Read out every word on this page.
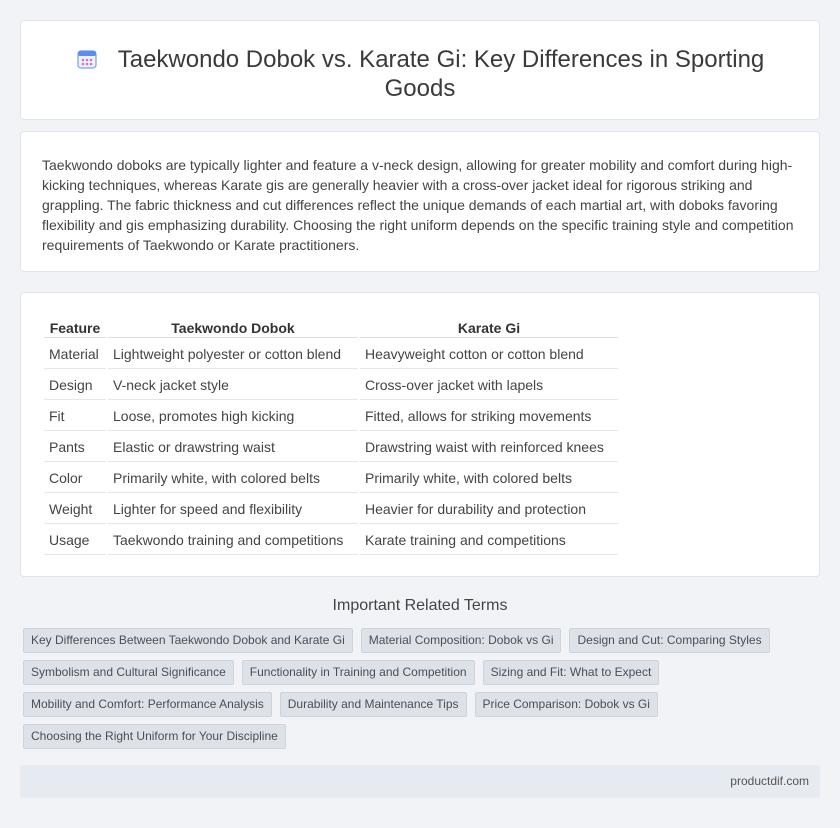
Taekwondo Dobok vs. Karate Gi: Key Differences in Sporting Goods

Taekwondo doboks are typically lighter and feature a v-neck design, allowing for greater mobility and comfort during high-kicking techniques, whereas Karate gis are generally heavier with a cross-over jacket ideal for rigorous striking and grappling. The fabric thickness and cut differences reflect the unique demands of each martial art, with doboks favoring flexibility and gis emphasizing durability. Choosing the right uniform depends on the specific training style and competition requirements of Taekwondo or Karate practitioners.

Feature	Taekwondo Dobok	Karate Gi
Material	Lightweight polyester or cotton blend	Heavyweight cotton or cotton blend
Design	V-neck jacket style	Cross-over jacket with lapels
Fit	Loose, promotes high kicking	Fitted, allows for striking movements
Pants	Elastic or drawstring waist	Drawstring waist with reinforced knees
Color	Primarily white, with colored belts	Primarily white, with colored belts
Weight	Lighter for speed and flexibility	Heavier for durability and protection
Usage	Taekwondo training and competitions	Karate training and competitions
Important Related Terms
Key Differences Between Taekwondo Dobok and Karate Gi	Material Composition: Dobok vs Gi	Design and Cut: Comparing Styles
Symbolism and Cultural Significance	Functionality in Training and Competition	Sizing and Fit: What to Expect
Mobility and Comfort: Performance Analysis	Durability and Maintenance Tips	Price Comparison: Dobok vs Gi
Choosing the Right Uniform for Your Discipline
productdif.com
